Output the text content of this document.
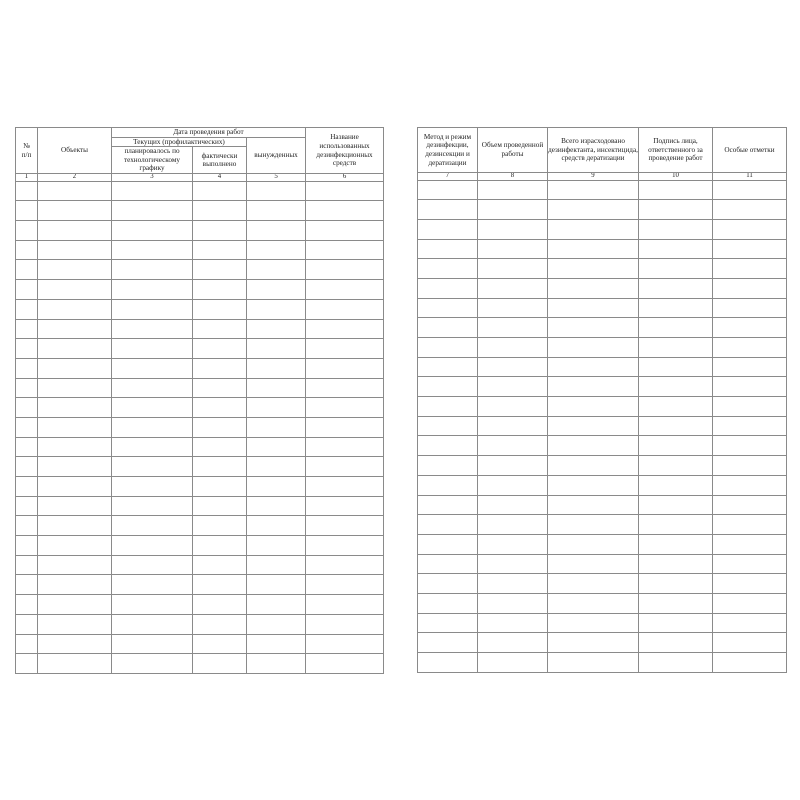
№
п/п	Объекты	Дата проведения работ			Название использованных дезинфекционных средств
		Текущих (профилактических)		вынужденных	
		планировалось по технологическому графику	фактически выполнено		
1	2	3	4	5	6

Метод и режим дезинфекции, дезинсекции и дератизации	Объем проведенной работы	Всего израсходовано дезинфектанта, инсектицида, средств дератизации	Подпись лица, ответственного за проведение работ	Особые отметки
7	8	9	10	11
